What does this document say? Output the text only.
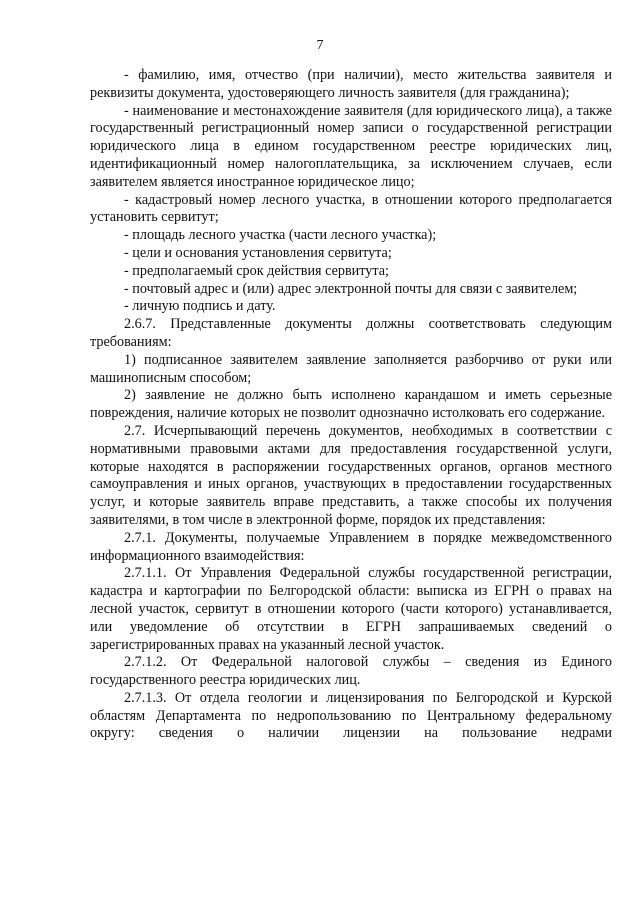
7

- фамилию, имя, отчество (при наличии), место жительства заявителя и реквизиты документа, удостоверяющего личность заявителя (для гражданина);

- наименование и местонахождение заявителя (для юридического лица), а также государственный регистрационный номер записи о государственной регистрации юридического лица в едином государственном реестре юридических лиц, идентификационный номер налогоплательщика, за исключением случаев, если заявителем является иностранное юридическое лицо;

- кадастровый номер лесного участка, в отношении которого предполагается установить сервитут;

- площадь лесного участка (части лесного участка);

- цели и основания установления сервитута;

- предполагаемый срок действия сервитута;

- почтовый адрес и (или) адрес электронной почты для связи с заявителем;

- личную подпись и дату.

2.6.7. Представленные документы должны соответствовать следующим требованиям:

1) подписанное заявителем заявление заполняется разборчиво от руки или машинописным способом;

2) заявление не должно быть исполнено карандашом и иметь серьезные повреждения, наличие которых не позволит однозначно истолковать его содержание.

2.7. Исчерпывающий перечень документов, необходимых в соответствии с нормативными правовыми актами для предоставления государственной услуги, которые находятся в распоряжении государственных органов, органов местного самоуправления и иных органов, участвующих в предоставлении государственных услуг, и которые заявитель вправе представить, а также способы их получения заявителями, в том числе в электронной форме, порядок их представления:

2.7.1. Документы, получаемые Управлением в порядке межведомственного информационного взаимодействия:

2.7.1.1. От Управления Федеральной службы государственной регистрации, кадастра и картографии по Белгородской области: выписка из ЕГРН о правах на лесной участок, сервитут в отношении которого (части которого) устанавливается, или уведомление об отсутствии в ЕГРН запрашиваемых сведений о зарегистрированных правах на указанный лесной участок.

2.7.1.2. От Федеральной налоговой службы – сведения из Единого государственного реестра юридических лиц.

2.7.1.3. От отдела геологии и лицензирования по Белгородской и Курской областям Департамента по недропользованию по Центральному федеральному округу: сведения о наличии лицензии на пользование недрами
